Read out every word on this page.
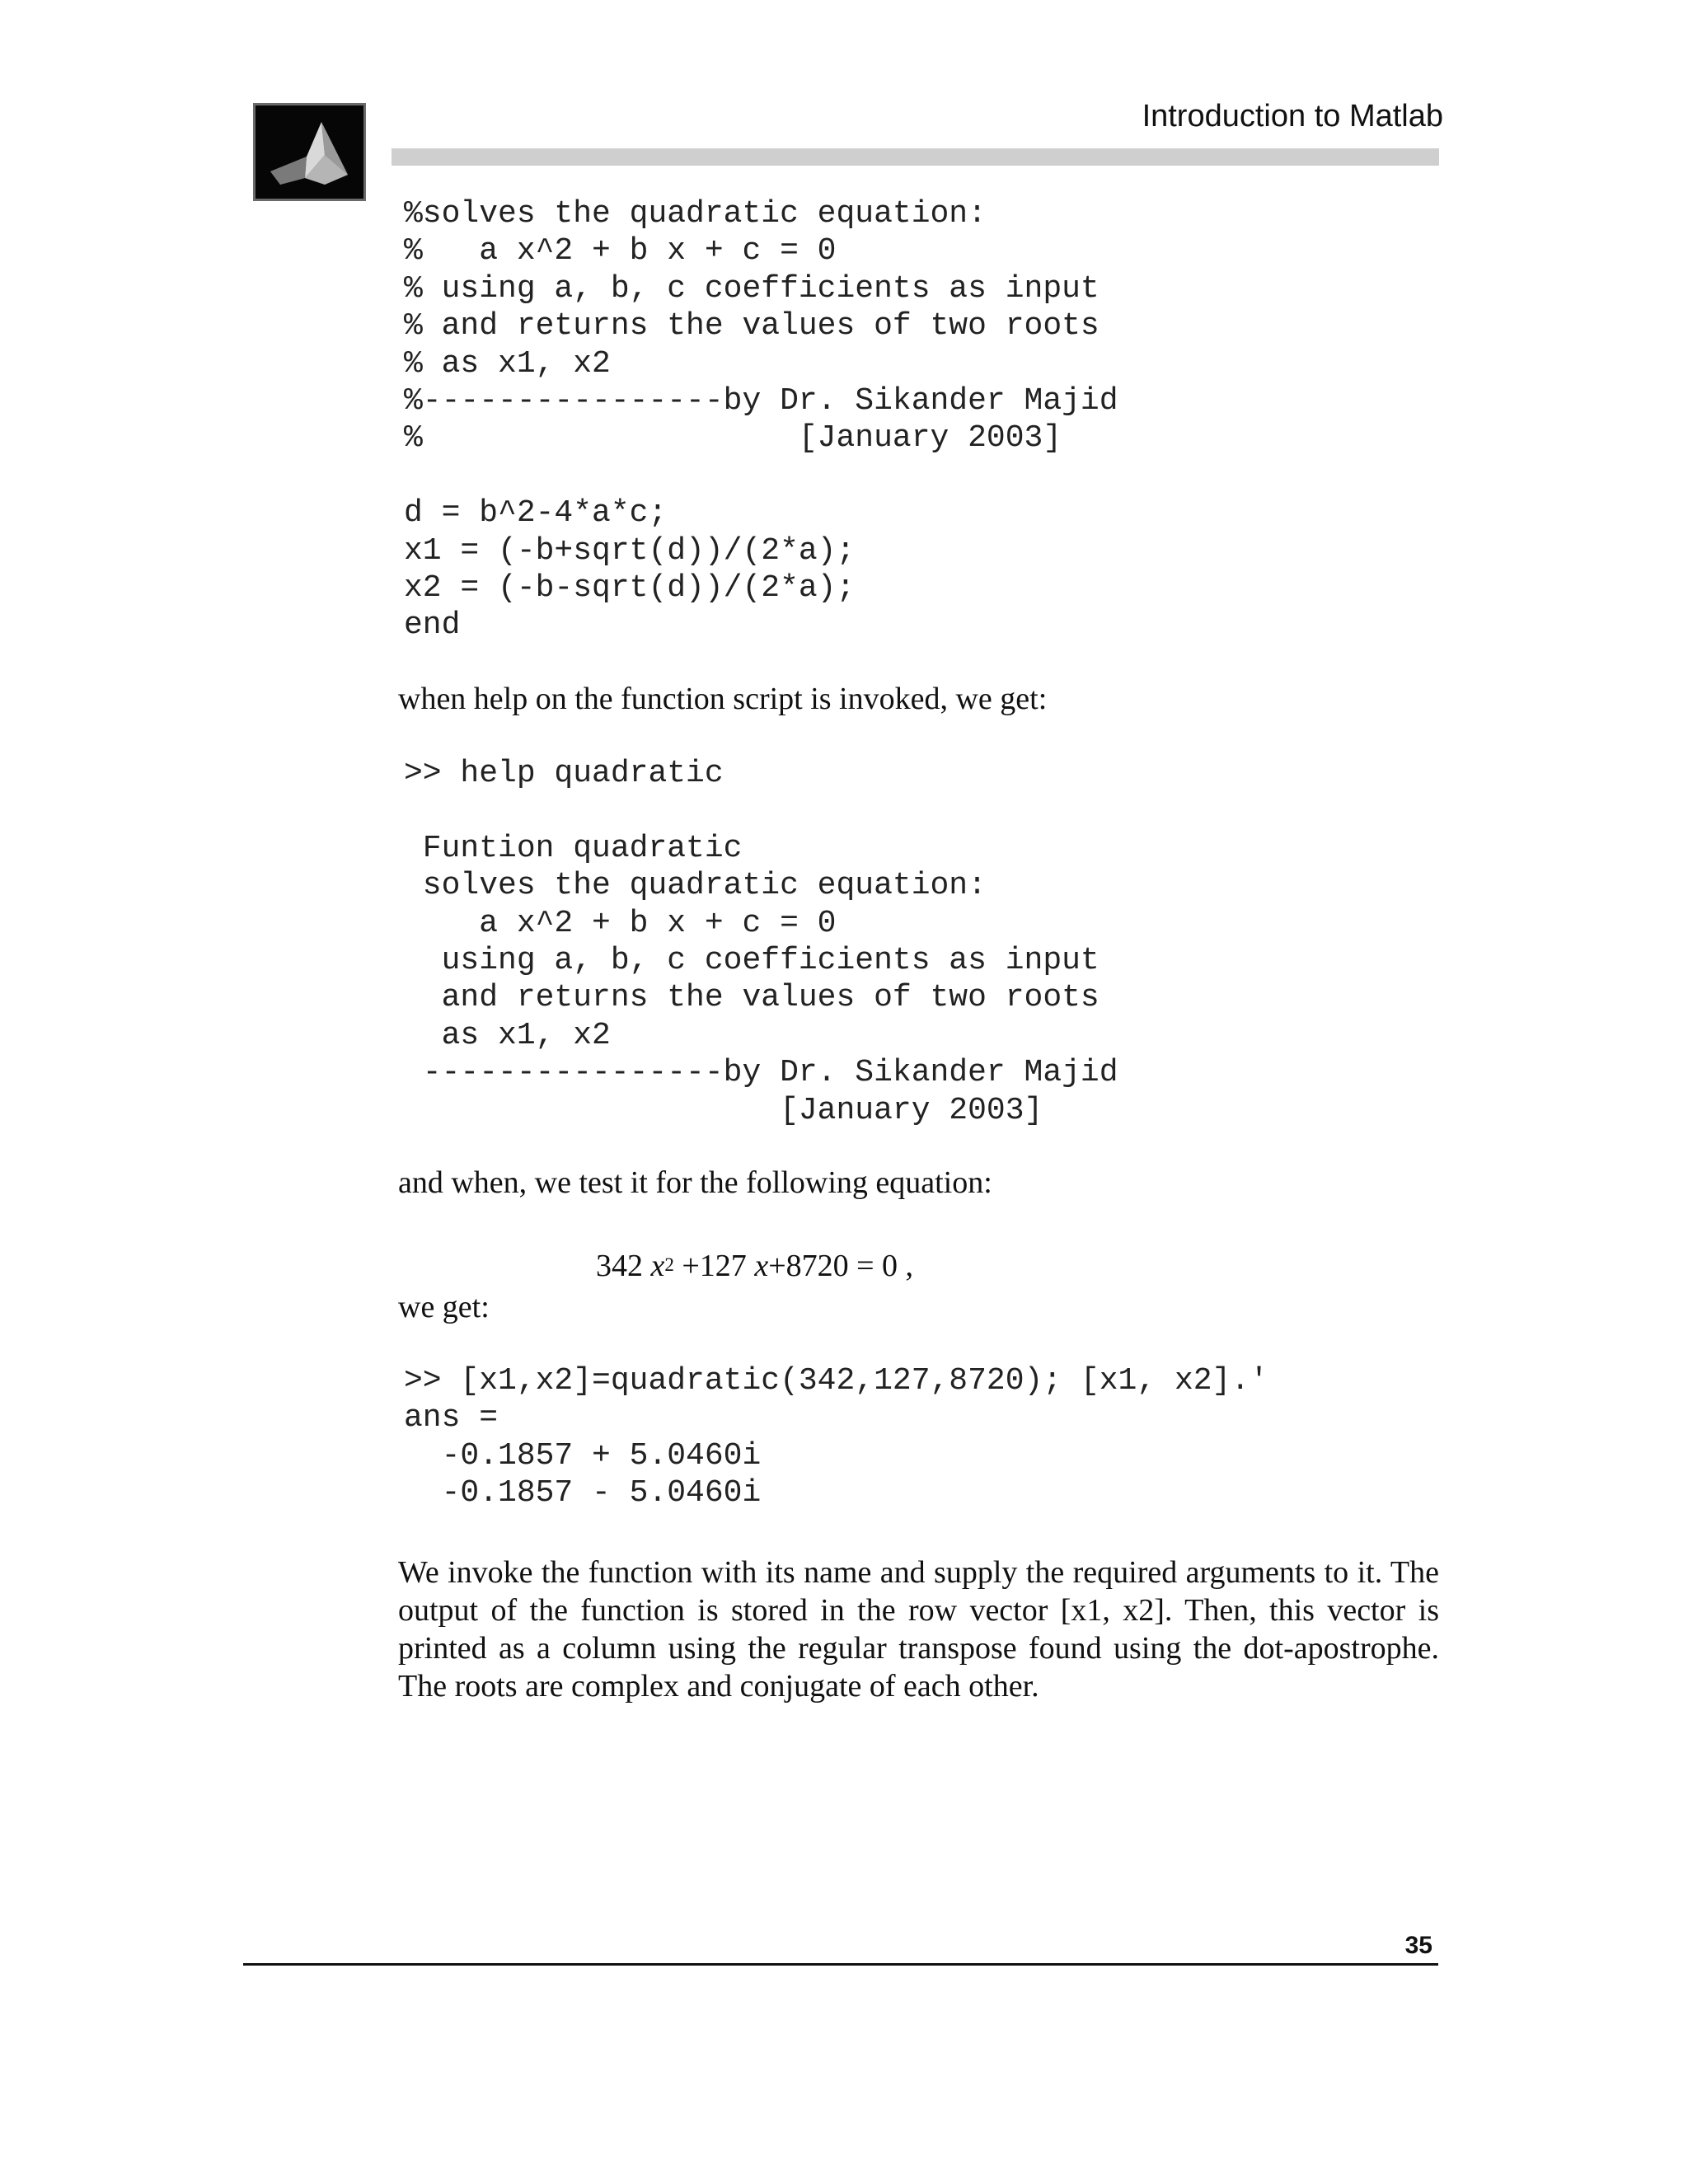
Introduction to Matlab
%solves the quadratic equation:
%   a x^2 + b x + c = 0
% using a, b, c coefficients as input
% and returns the values of two roots
% as x1, x2
%----------------by Dr. Sikander Majid
%                    [January 2003]

d = b^2-4*a*c;
x1 = (-b+sqrt(d))/(2*a);
x2 = (-b-sqrt(d))/(2*a);
end

when help on the function script is invoked, we get:

>> help quadratic

Funtion quadratic
solves the quadratic equation:
a x^2 + b x + c = 0
using a, b, c coefficients as input
and returns the values of two roots
as x1, x2
----------------by Dr. Sikander Majid
[January 2003]

and when, we test it for the following equation:

342 $x^2 +127$ x+8720 = 0 ,

we get:

>> [x1,x2]=quadratic(342,127,8720); [x1, x2].'
ans =
-0.1857 + 5.0460i
-0.1857 - 5.0460i

We invoke the function with its name and supply the required arguments to it. The output of the function is stored in the row vector [x1, x2]. Then, this vector is printed as a column using the regular transpose found using the dot-apostrophe. The roots are complex and conjugate of each other.

35
